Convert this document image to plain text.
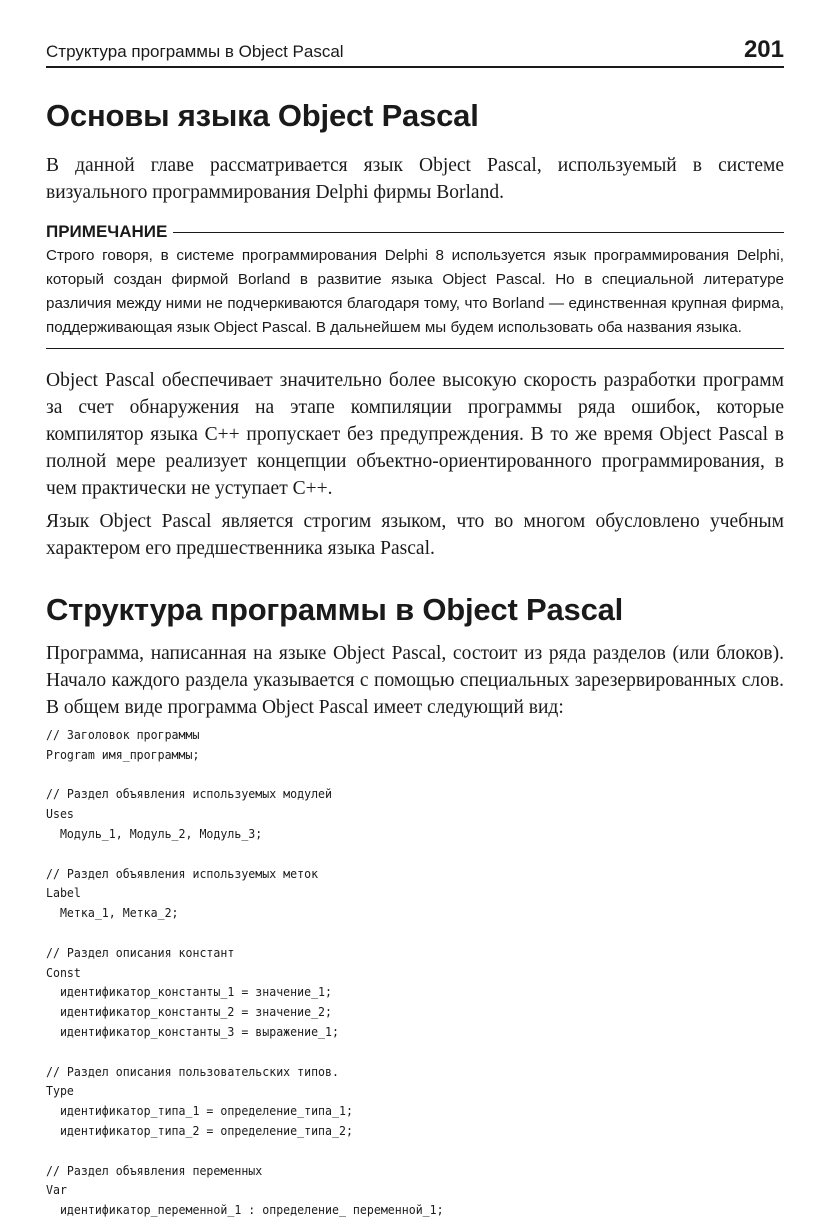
Структура программы в Object Pascal	201
Основы языка Object Pascal

В данной главе рассматривается язык Object Pascal, используемый в системе визуального программирования Delphi фирмы Borland.

ПРИМЕЧАНИЕ

Строго говоря, в системе программирования Delphi 8 используется язык программирования Delphi, который создан фирмой Borland в развитие языка Object Pascal. Но в специальной литературе различия между ними не подчеркиваются благодаря тому, что Borland — единственная крупная фирма, поддерживающая язык Object Pascal. В дальнейшем мы будем использовать оба названия языка.

Object Pascal обеспечивает значительно более высокую скорость разработки программ за счет обнаружения на этапе компиляции программы ряда ошибок, которые компилятор языка C++ пропускает без предупреждения. В то же время Object Pascal в полной мере реализует концепции объектно-ориентированного программирования, в чем практически не уступает C++.

Язык Object Pascal является строгим языком, что во многом обусловлено учебным характером его предшественника языка Pascal.

Структура программы в Object Pascal

Программа, написанная на языке Object Pascal, состоит из ряда разделов (или блоков). Начало каждого раздела указывается с помощью специальных зарезервированных слов. В общем виде программа Object Pascal имеет следующий вид:

// Заголовок программы
Program имя_программы;

// Раздел объявления используемых модулей
Uses
Модуль_1, Модуль_2, Модуль_3;

// Раздел объявления используемых меток
Label
Метка_1, Метка_2;

// Раздел описания констант
Const
идентификатор_константы_1 = значение_1;
идентификатор_константы_2 = значение_2;
идентификатор_константы_3 = выражение_1;

// Раздел описания пользовательских типов.
Type
идентификатор_типа_1 = определение_типа_1;
идентификатор_типа_2 = определение_типа_2;

// Раздел объявления переменных
Var
идентификатор_переменной_1 : определение_ переменной_1;
